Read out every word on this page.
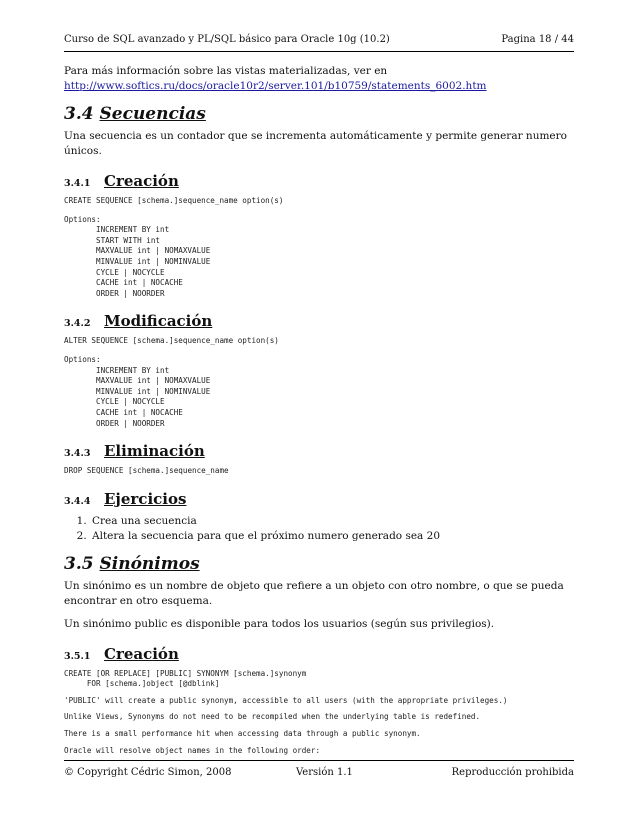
Curso de SQL avanzado y PL/SQL básico para Oracle 10g (10.2)	Pagina 18 / 44

Para más información sobre las vistas materializadas, ver en
http://www.softics.ru/docs/oracle10r2/server.101/b10759/statements_6002.htm

3.4 Secuencias

Una secuencia es un contador que se incrementa automáticamente y permite generar numero únicos.

3.4.1 Creación
CREATE SEQUENCE [schema.]sequence_name option(s)
Options:
INCREMENT BY int
START WITH int
MAXVALUE int | NOMAXVALUE
MINVALUE int | NOMINVALUE
CYCLE | NOCYCLE
CACHE int | NOCACHE
ORDER | NOORDER
3.4.2 Modificación
ALTER SEQUENCE [schema.]sequence_name option(s)
Options:
INCREMENT BY int
MAXVALUE int | NOMAXVALUE
MINVALUE int | NOMINVALUE
CYCLE | NOCYCLE
CACHE int | NOCACHE
ORDER | NOORDER
3.4.3 Eliminación
DROP SEQUENCE [schema.]sequence_name
3.4.4 Ejercicios
1. Crea una secuencia
2. Altera la secuencia para que el próximo numero generado sea 20
3.5 Sinónimos

Un sinónimo es un nombre de objeto que refiere a un objeto con otro nombre, o que se pueda encontrar en otro esquema.

Un sinónimo public es disponible para todos los usuarios (según sus privilegios).

3.5.1 Creación
CREATE [OR REPLACE] [PUBLIC] SYNONYM [schema.]synonym
FOR [schema.]object [@dblink]
'PUBLIC' will create a public synonym, accessible to all users (with the appropriate privileges.)
Unlike Views, Synonyms do not need to be recompiled when the underlying table is redefined.
There is a small performance hit when accessing data through a public synonym.
Oracle will resolve object names in the following order:
© Copyright Cédric Simon, 2008	Versión 1.1	Reproducción prohibida
